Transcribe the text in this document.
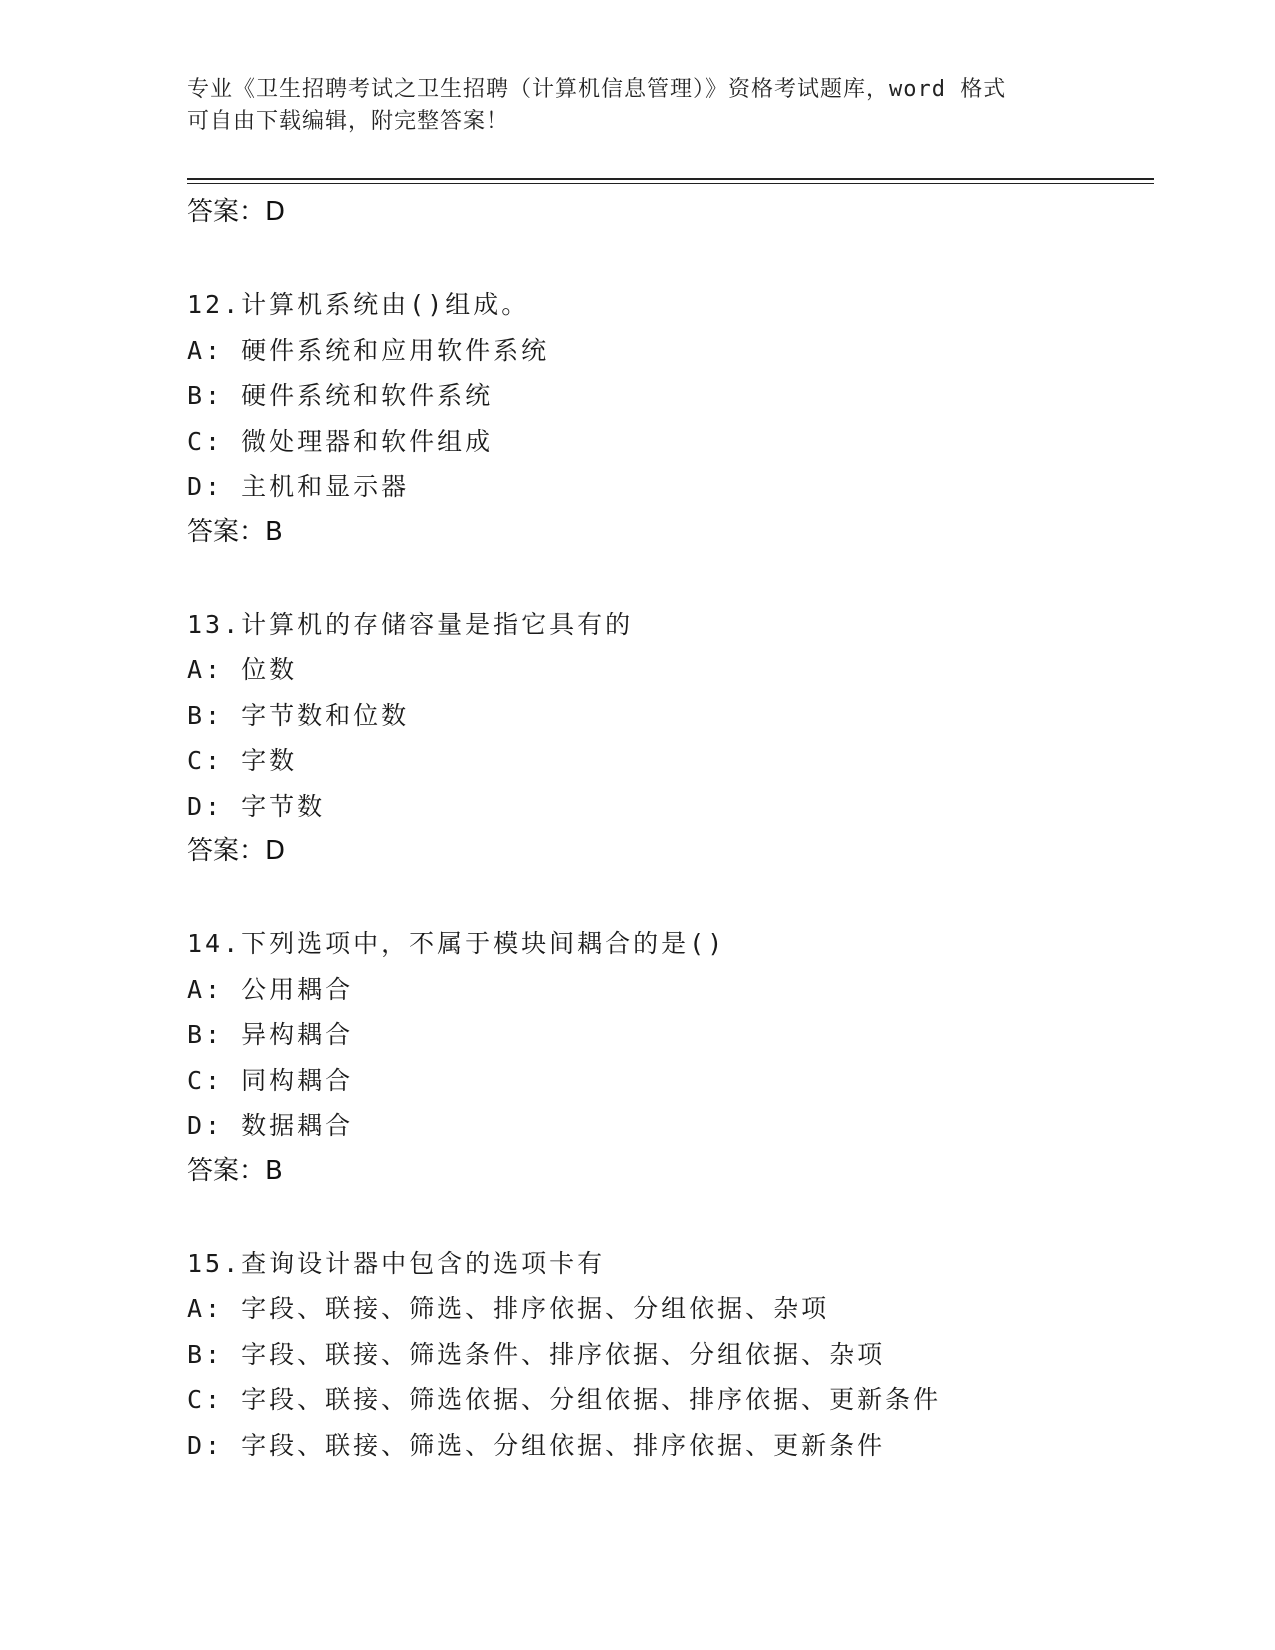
专业《卫生招聘考试之卫生招聘（计算机信息管理）》资格考试题库，word 格式
可自由下载编辑，附完整答案！
答案：D
12.计算机系统由()组成。
A: 硬件系统和应用软件系统
B: 硬件系统和软件系统
C: 微处理器和软件组成
D: 主机和显示器
答案：B
13.计算机的存储容量是指它具有的
A: 位数
B: 字节数和位数
C: 字数
D: 字节数
答案：D
14.下列选项中，不属于模块间耦合的是()
A: 公用耦合
B: 异构耦合
C: 同构耦合
D: 数据耦合
答案：B
15.查询设计器中包含的选项卡有
A: 字段、联接、筛选、排序依据、分组依据、杂项
B: 字段、联接、筛选条件、排序依据、分组依据、杂项
C: 字段、联接、筛选依据、分组依据、排序依据、更新条件
D: 字段、联接、筛选、分组依据、排序依据、更新条件
